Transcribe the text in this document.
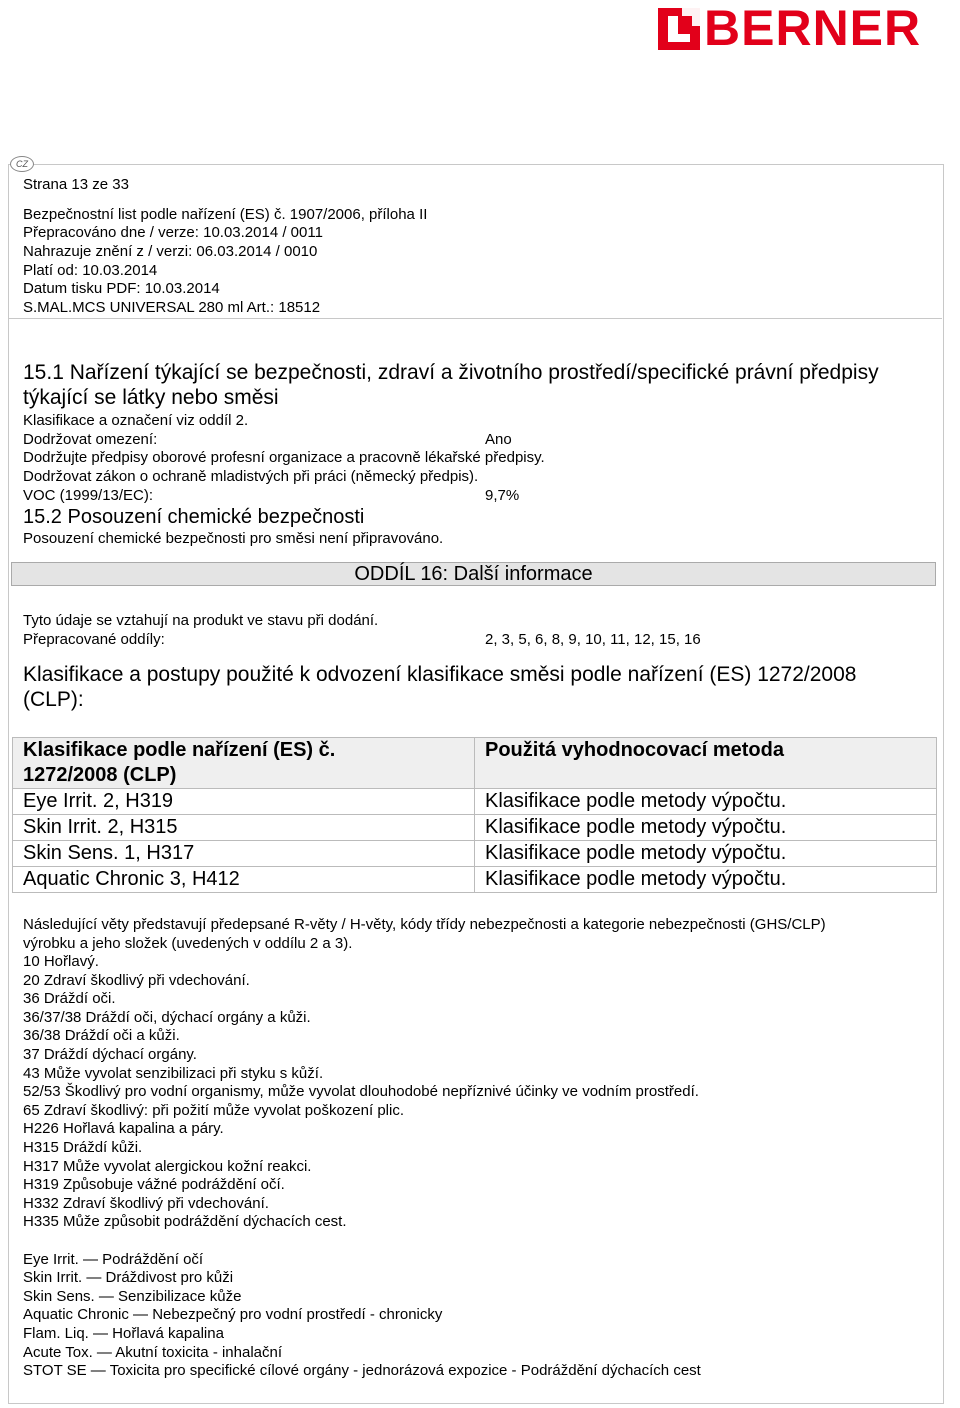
BERNER
CZ
Strana 13 ze 33
Bezpečnostní list podle nařízení (ES) č. 1907/2006, příloha II
Přepracováno dne / verze: 10.03.2014 / 0011
Nahrazuje znění z / verzi: 06.03.2014 / 0010
Platí od: 10.03.2014
Datum tisku PDF: 10.03.2014
S.MAL.MCS UNIVERSAL 280 ml Art.: 18512
15.1 Nařízení týkající se bezpečnosti, zdraví a životního prostředí/specifické právní předpisy
týkající se látky nebo směsi
Klasifikace a označení viz oddíl 2.
Dodržovat omezení:	Ano
Dodržujte předpisy oborové profesní organizace a pracovně lékařské předpisy.
Dodržovat zákon o ochraně mladistvých při práci (německý předpis).
VOC (1999/13/EC):	9,7%
15.2 Posouzení chemické bezpečnosti
Posouzení chemické bezpečnosti pro směsi není připravováno.
ODDÍL 16: Další informace
Tyto údaje se vztahují na produkt ve stavu při dodání.
Přepracované oddíly:	2, 3, 5, 6, 8, 9, 10, 11, 12, 15, 16
Klasifikace a postupy použité k odvození klasifikace směsi podle nařízení (ES) 1272/2008
(CLP):
Klasifikace podle nařízení (ES) č.
1272/2008 (CLP)	Použitá vyhodnocovací metoda
Eye Irrit. 2, H319	Klasifikace podle metody výpočtu.
Skin Irrit. 2, H315	Klasifikace podle metody výpočtu.
Skin Sens. 1, H317	Klasifikace podle metody výpočtu.
Aquatic Chronic 3, H412	Klasifikace podle metody výpočtu.
Následující věty představují předepsané R-věty / H-věty, kódy třídy nebezpečnosti a kategorie nebezpečnosti (GHS/CLP)
výrobku a jeho složek (uvedených v oddílu 2 a 3).
10 Hořlavý.
20 Zdraví škodlivý při vdechování.
36 Dráždí oči.
36/37/38 Dráždí oči, dýchací orgány a kůži.
36/38 Dráždí oči a kůži.
37 Dráždí dýchací orgány.
43 Může vyvolat senzibilizaci při styku s kůží.
52/53 Škodlivý pro vodní organismy, může vyvolat dlouhodobé nepříznivé účinky ve vodním prostředí.
65 Zdraví škodlivý: při požití může vyvolat poškození plic.
H226 Hořlavá kapalina a páry.
H315 Dráždí kůži.
H317 Může vyvolat alergickou kožní reakci.
H319 Způsobuje vážné podráždění očí.
H332 Zdraví škodlivý při vdechování.
H335 Může způsobit podráždění dýchacích cest.
Eye Irrit. — Podráždění očí
Skin Irrit. — Dráždivost pro kůži
Skin Sens. — Senzibilizace kůže
Aquatic Chronic — Nebezpečný pro vodní prostředí - chronicky
Flam. Liq. — Hořlavá kapalina
Acute Tox. — Akutní toxicita - inhalační
STOT SE — Toxicita pro specifické cílové orgány - jednorázová expozice - Podráždění dýchacích cest
